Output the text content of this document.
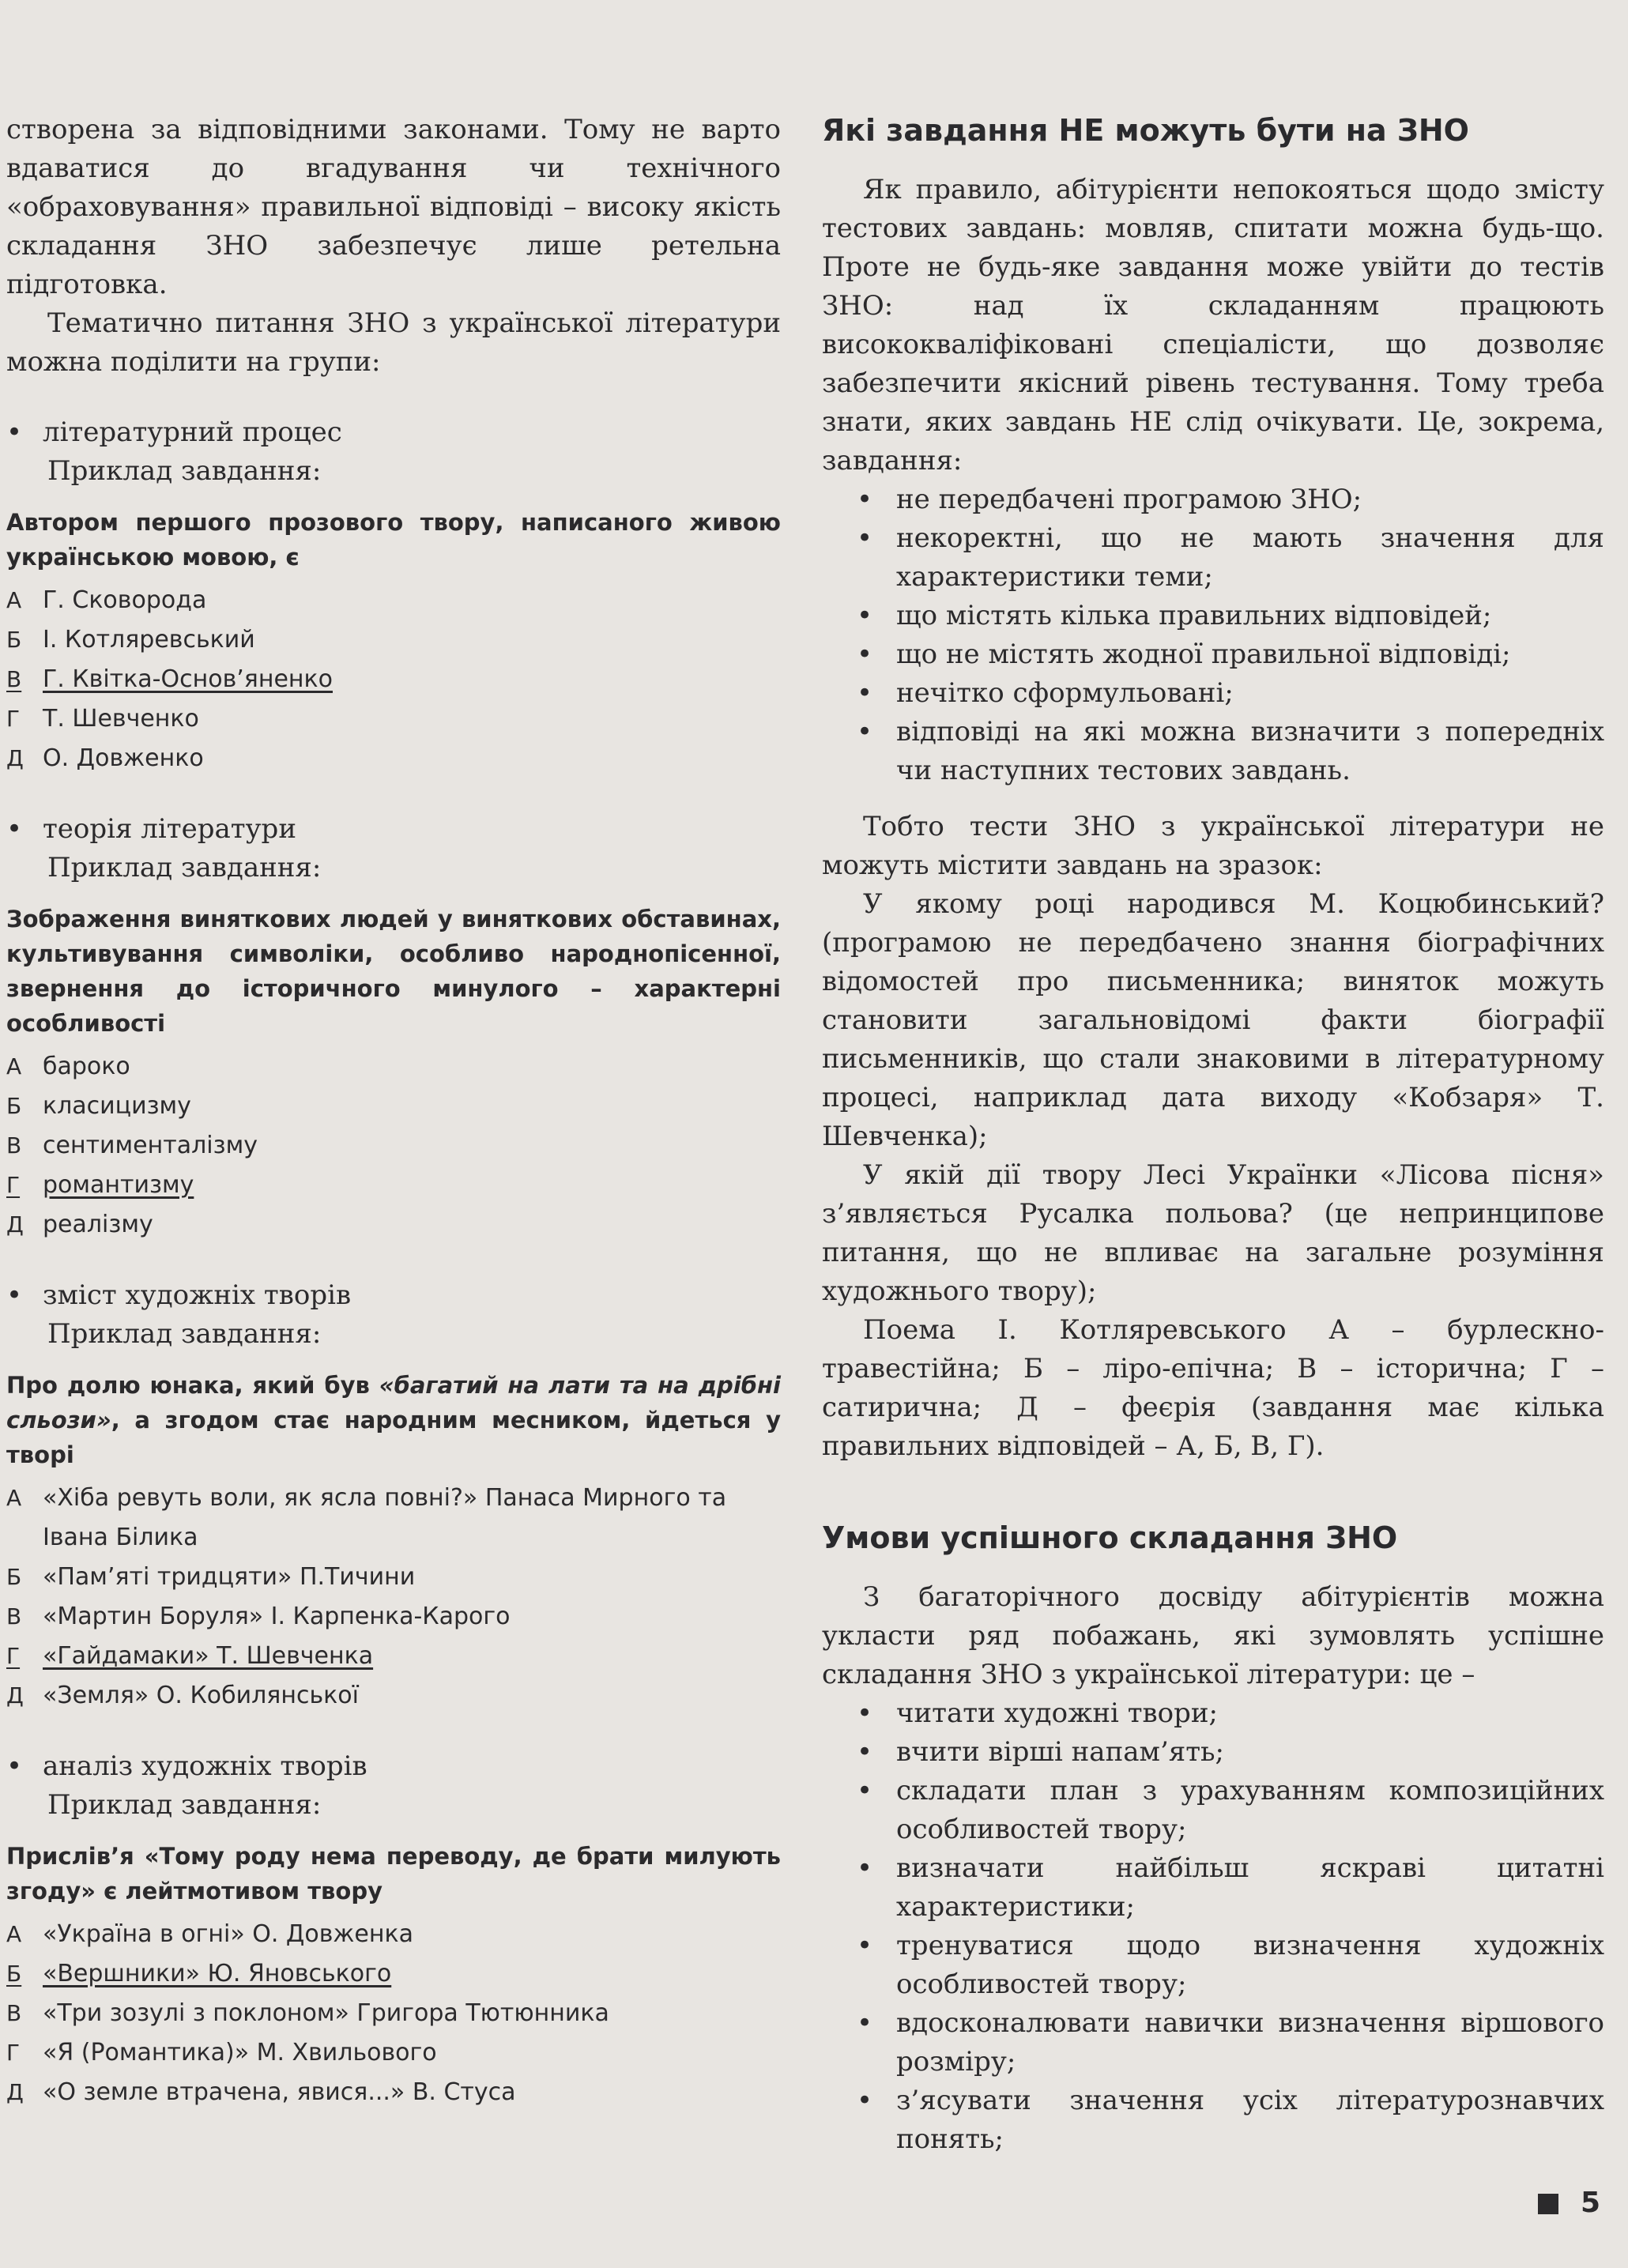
створена за відповідними законами. Тому не варто вдаватися до вгадування чи технічного «обраховування» правильної відповіді – високу якість складання ЗНО забезпечує лише ретельна підготовка.

Тематично питання ЗНО з української літератури можна поділити на групи:

• літературний процес

Приклад завдання:

Автором першого прозового твору, написаного живою українською мовою, є

А Г. Сковорода

Б І. Котляревський

В Г. Квітка-Основ’яненко

Г Т. Шевченко

Д О. Довженко

• теорія літератури

Приклад завдання:

Зображення виняткових людей у виняткових обставинах, культивування символіки, особливо народнопісенної, звернення до історичного минулого – характерні особливості

А бароко

Б класицизму

В сентименталізму

Г романтизму

Д реалізму

• зміст художніх творів

Приклад завдання:

Про долю юнака, який був «багатий на лати та на дрібні сльози», а згодом стає народним месником, йдеться у творі

А «Хіба ревуть воли, як ясла повні?» Панаса Мирного та Івана Білика

Б «Пам’яті тридцяти» П.Тичини

В «Мартин Боруля» І. Карпенка-Карого

Г «Гайдамаки» Т. Шевченка

Д «Земля» О. Кобилянської

• аналіз художніх творів

Приклад завдання:

Прислів’я «Тому роду нема переводу, де брати милують згоду» є лейтмотивом твору

А «Україна в огні» О. Довженка

Б «Вершники» Ю. Яновського

В «Три зозулі з поклоном» Григора Тютюнника

Г «Я (Романтика)» М. Хвильового

Д «О земле втрачена, явися...» В. Стуса

Які завдання НЕ можуть бути на ЗНО

Як правило, абітурієнти непокояться щодо змісту тестових завдань: мовляв, спитати можна будь-що. Проте не будь-яке завдання може увійти до тестів ЗНО: над їх складанням працюють висококваліфіковані спеціалісти, що дозволяє забезпечити якісний рівень тестування. Тому треба знати, яких завдань НЕ слід очікувати. Це, зокрема, завдання:

• не передбачені програмою ЗНО;
• некоректні, що не мають значення для характеристики теми;
• що містять кілька правильних відповідей;
• що не містять жодної правильної відповіді;
• нечітко сформульовані;
• відповіді на які можна визначити з попередніх чи наступних тестових завдань.

Тобто тести ЗНО з української літератури не можуть містити завдань на зразок:

У якому році народився М. Коцюбинський? (програмою не передбачено знання біографічних відомостей про письменника; виняток можуть становити загальновідомі факти біографії письменників, що стали знаковими в літературному процесі, наприклад дата виходу «Кобзаря» Т. Шевченка);

У якій дії твору Лесі Українки «Лісова пісня» з’являється Русалка польова? (це непринципове питання, що не впливає на загальне розуміння художнього твору);

Поема І. Котляревського А – бурлескно-травестійна; Б – ліро-епічна; В – історична; Г – сатирична; Д – феєрія (завдання має кілька правильних відповідей – А, Б, В, Г).

Умови успішного складання ЗНО

З багаторічного досвіду абітурієнтів можна укласти ряд побажань, які зумовлять успішне складання ЗНО з української літератури: це –

• читати художні твори;
• вчити вірші напам’ять;
• складати план з урахуванням композиційних особливостей твору;
• визначати найбільш яскраві цитатні характеристики;
• тренуватися щодо визначення художніх особливостей твору;
• вдосконалювати навички визначення віршового розміру;
• з’ясувати значення усіх літературознавчих понять;
5
